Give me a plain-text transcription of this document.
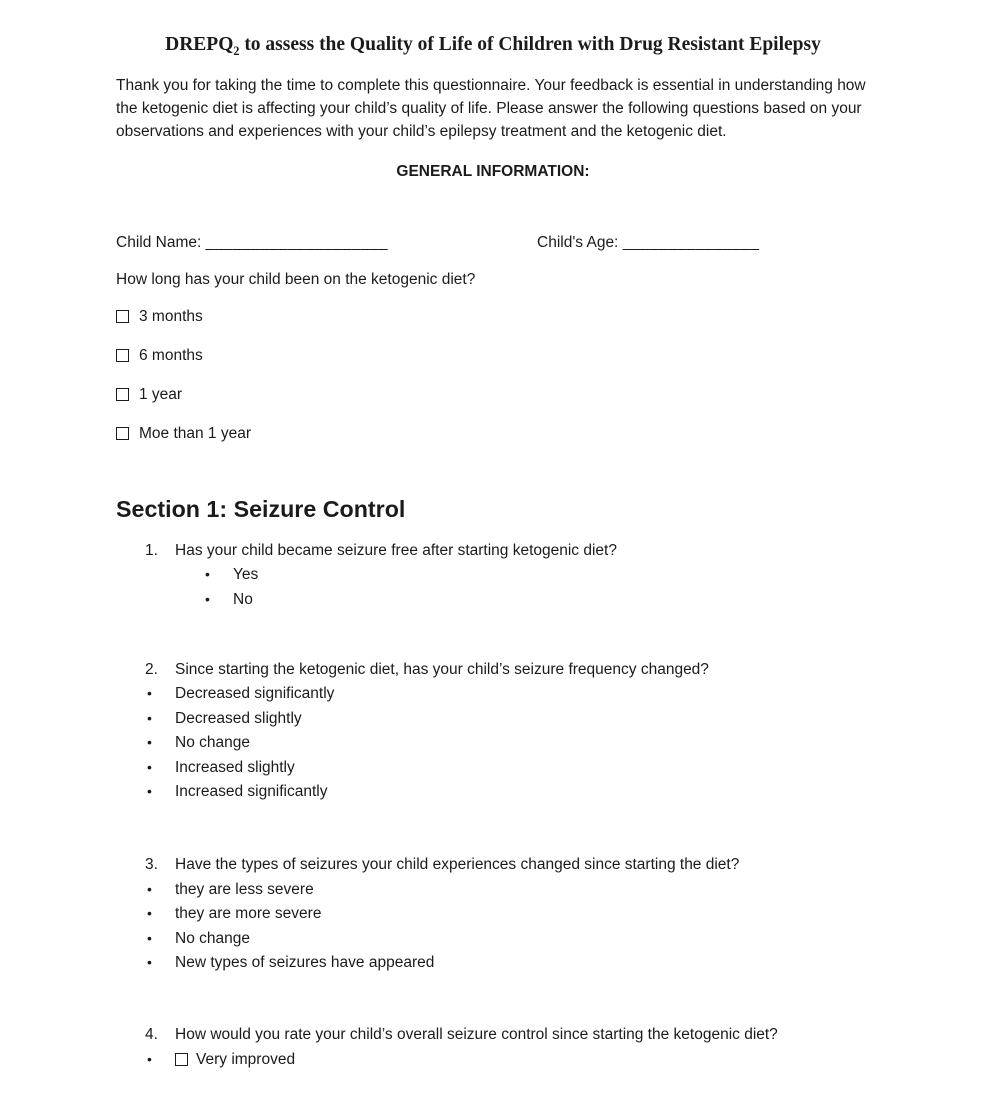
$DREPQ_2$ to assess the Quality of Life of Children with Drug Resistant Epilepsy

Thank you for taking the time to complete this questionnaire. Your feedback is essential in understanding how the ketogenic diet is affecting your child’s quality of life. Please answer the following questions based on your observations and experiences with your child’s epilepsy treatment and the ketogenic diet.

GENERAL INFORMATION:
Child Name: ____________________	Child's Age: _______________

How long has your child been on the ketogenic diet?

3 months
6 months
1 year
Moe than 1 year
Section 1: Seizure Control
1.	Has your child became seizure free after starting ketogenic diet?
•
Yes
•
No
2.	Since starting the ketogenic diet, has your child’s seizure frequency changed?
•
Decreased significantly
•
Decreased slightly
•
No change
•
Increased slightly
•
Increased significantly
3.	Have the types of seizures your child experiences changed since starting the diet?
•
they are less severe
•
they are more severe
•
No change
•
New types of seizures have appeared
4.	How would you rate your child’s overall seizure control since starting the ketogenic diet?
•
Very improved
